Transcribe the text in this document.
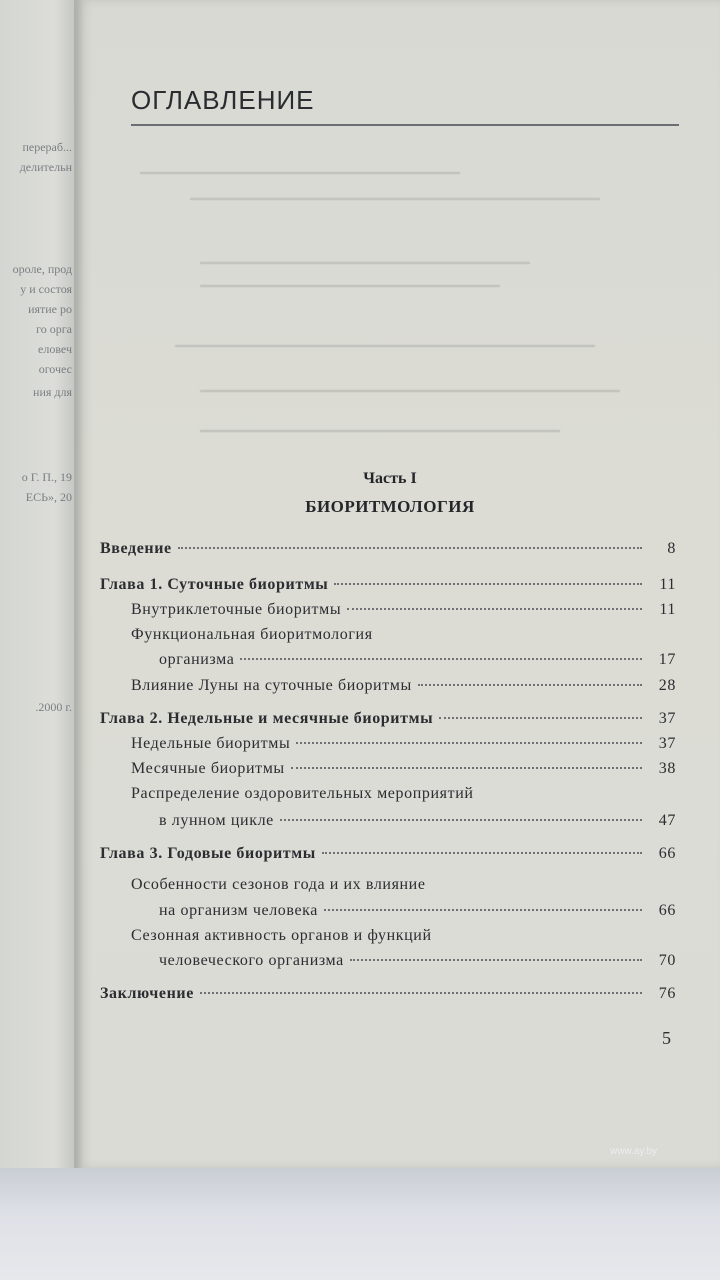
перераб...
делительн
ороле, прод
у и состоя
иятие ро
го орга
еловеч
огочес
ния для
о Г. П., 19
ЕСЬ», 20
.2000 г.
ОГЛАВЛЕНИЕ
Часть I
БИОРИТМОЛОГИЯ
Введение	8
Глава 1. Суточные биоритмы	11
Внутриклеточные биоритмы	11
Функциональная биоритмология
организма	17
Влияние Луны на суточные биоритмы	28
Глава 2. Недельные и месячные биоритмы	37
Недельные биоритмы	37
Месячные биоритмы	38
Распределение оздоровительных мероприятий
в лунном цикле	47
Глава 3. Годовые биоритмы	66
Особенности сезонов года и их влияние
на организм человека	66
Сезонная активность органов и функций
человеческого организма	70
Заключение	76
5
www.ay.by
